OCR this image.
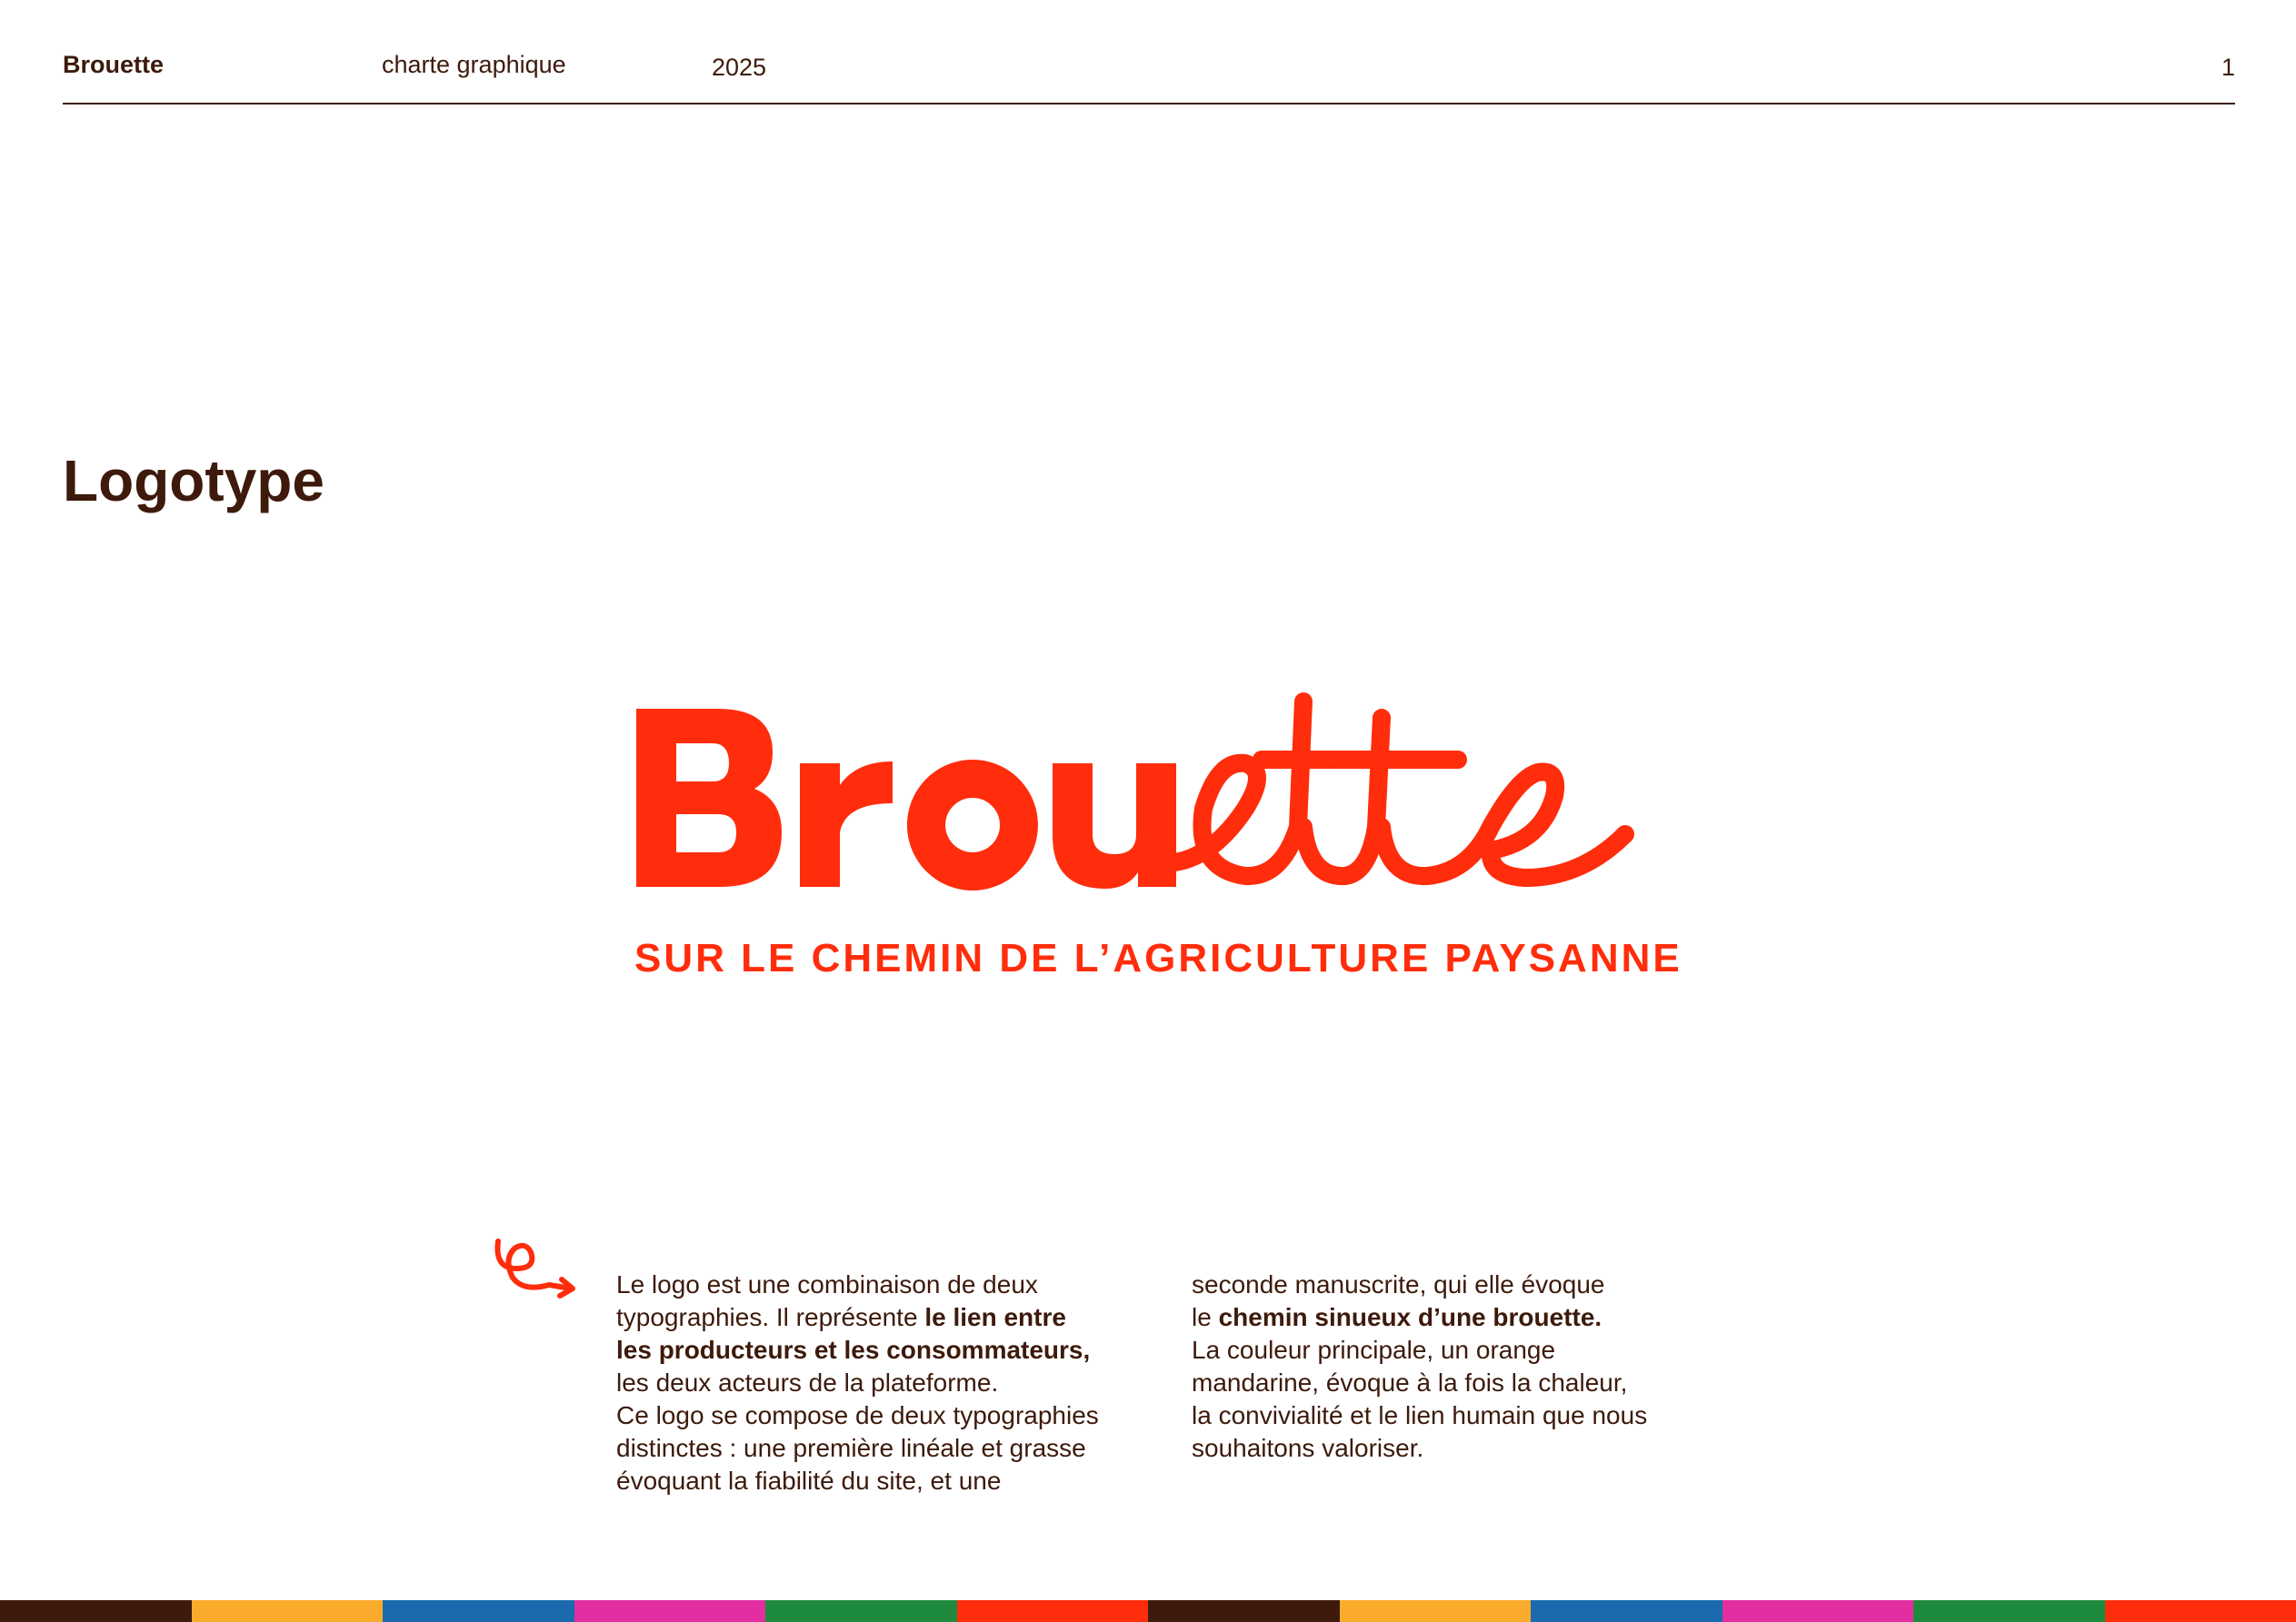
Brouette	charte graphique	2025	1
Logotype
SUR LE CHEMIN DE L’AGRICULTURE PAYSANNE

Le logo est une combinaison de deux

typographies. Il représente le lien entre

les producteurs et les consommateurs,

les deux acteurs de la plateforme.

Ce logo se compose de deux typographies

distinctes : une première linéale et grasse

évoquant la fiabilité du site, et une

seconde manuscrite, qui elle évoque

le chemin sinueux d’une brouette.

La couleur principale, un orange

mandarine, évoque à la fois la chaleur,

la convivialité et le lien humain que nous

souhaitons valoriser.
